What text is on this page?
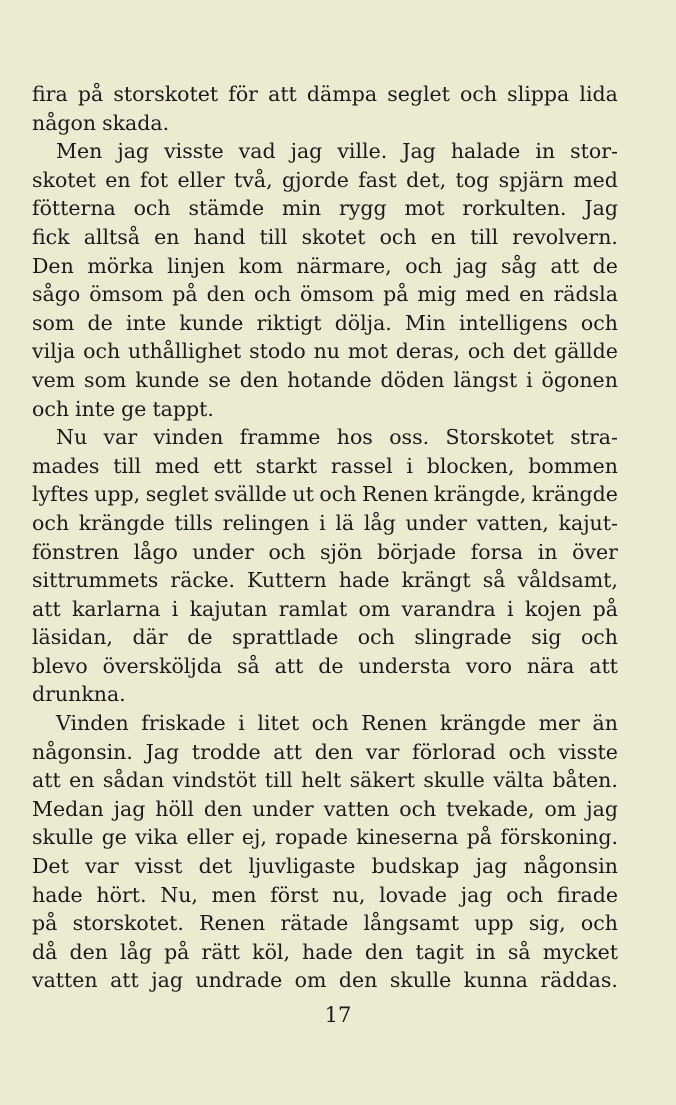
fira på storskotet för att dämpa seglet och slippa lida
någon skada.
Men jag visste vad jag ville. Jag halade in stor-
skotet en fot eller två, gjorde fast det, tog spjärn med
fötterna och stämde min rygg mot rorkulten. Jag
fick alltså en hand till skotet och en till revolvern.
Den mörka linjen kom närmare, och jag såg att de
sågo ömsom på den och ömsom på mig med en rädsla
som de inte kunde riktigt dölja. Min intelligens och
vilja och uthållighet stodo nu mot deras, och det gällde
vem som kunde se den hotande döden längst i ögonen
och inte ge tappt.
Nu var vinden framme hos oss. Storskotet stra-
mades till med ett starkt rassel i blocken, bommen
lyftes upp, seglet svällde ut och Renen krängde, krängde
och krängde tills relingen i lä låg under vatten, kajut-
fönstren lågo under och sjön började forsa in över
sittrummets räcke. Kuttern hade krängt så våldsamt,
att karlarna i kajutan ramlat om varandra i kojen på
läsidan, där de sprattlade och slingrade sig och
blevo översköljda så att de understa voro nära att
drunkna.
Vinden friskade i litet och Renen krängde mer än
någonsin. Jag trodde att den var förlorad och visste
att en sådan vindstöt till helt säkert skulle välta båten.
Medan jag höll den under vatten och tvekade, om jag
skulle ge vika eller ej, ropade kineserna på förskoning.
Det var visst det ljuvligaste budskap jag någonsin
hade hört. Nu, men först nu, lovade jag och firade
på storskotet. Renen rätade långsamt upp sig, och
då den låg på rätt köl, hade den tagit in så mycket
vatten att jag undrade om den skulle kunna räddas.
17
